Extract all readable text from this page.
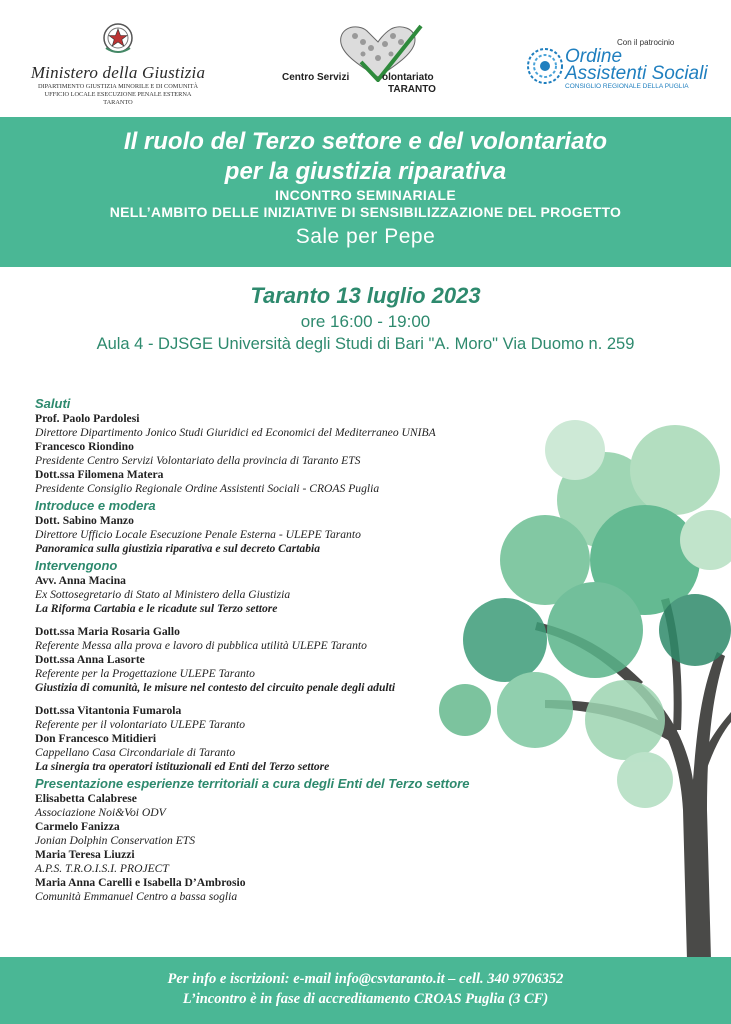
Ministero della Giustizia
DIPARTIMENTO GIUSTIZIA MINORILE E DI COMUNITÀ
UFFICIO LOCALE ESECUZIONE PENALE ESTERNA
TARANTO
Centro Servizi	olontariato
TARANTO
Con il patrocinio
Ordine
Assistenti Sociali
CONSIGLIO REGIONALE DELLA PUGLIA
Il ruolo del Terzo settore e del volontariato
per la giustizia riparativa
INCONTRO SEMINARIALE
NELL’AMBITO DELLE INIZIATIVE DI SENSIBILIZZAZIONE DEL PROGETTO
Sale per Pepe
Taranto 13 luglio 2023
ore 16:00 - 19:00
Aula 4 - DJSGE Università degli Studi di Bari "A. Moro" Via Duomo n. 259
Saluti
Prof. Paolo Pardolesi
Direttore Dipartimento Jonico Studi Giuridici ed Economici del Mediterraneo UNIBA
Francesco Riondino
Presidente Centro Servizi Volontariato della provincia di Taranto ETS
Dott.ssa Filomena Matera
Presidente Consiglio Regionale Ordine Assistenti Sociali - CROAS Puglia
Introduce e modera
Dott. Sabino Manzo
Direttore Ufficio Locale Esecuzione Penale Esterna - ULEPE Taranto
Panoramica sulla giustizia riparativa e sul decreto Cartabia
Intervengono
Avv. Anna Macina
Ex Sottosegretario di Stato al Ministero della Giustizia
La Riforma Cartabia e le ricadute sul Terzo settore
Dott.ssa Maria Rosaria Gallo
Referente Messa alla prova e lavoro di pubblica utilità ULEPE Taranto
Dott.ssa Anna Lasorte
Referente per la Progettazione ULEPE Taranto
Giustizia di comunità, le misure nel contesto del circuito penale degli adulti
Dott.ssa Vitantonia Fumarola
Referente per il volontariato ULEPE Taranto
Don Francesco Mitidieri
Cappellano Casa Circondariale di Taranto
La sinergia tra operatori istituzionali ed Enti del Terzo settore
Presentazione esperienze territoriali a cura degli Enti del Terzo settore
Elisabetta Calabrese
Associazione Noi&Voi ODV
Carmelo Fanizza
Jonian Dolphin Conservation ETS
Maria Teresa Liuzzi
A.P.S. T.R.O.I.S.I. PROJECT
Maria Anna Carelli e Isabella D’Ambrosio
Comunità Emmanuel Centro a bassa soglia
Per info e iscrizioni: e-mail info@csvtaranto.it – cell. 340 9706352
L’incontro è in fase di accreditamento CROAS Puglia (3 CF)
